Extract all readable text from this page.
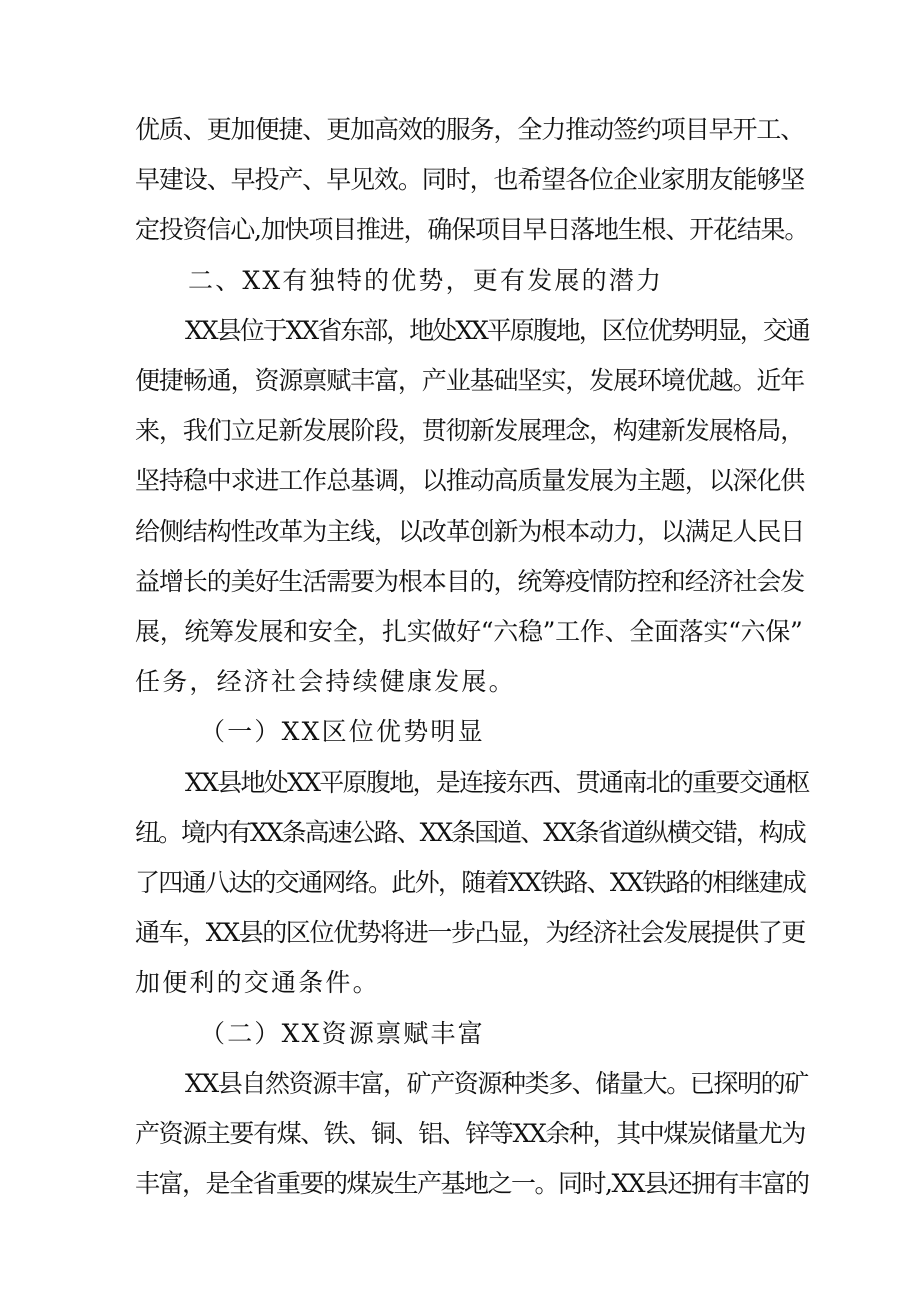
优质、更加便捷、更加高效的服务，全力推动签约项目早开工、
早建设、早投产、早见效。同时，也希望各位企业家朋友能够坚
定投资信心,加快项目推进，确保项目早日落地生根、开花结果。
二、XX有独特的优势，更有发展的潜力
XX县位于XX省东部，地处XX平原腹地，区位优势明显，交通
便捷畅通，资源禀赋丰富，产业基础坚实，发展环境优越。近年
来，我们立足新发展阶段，贯彻新发展理念，构建新发展格局，
坚持稳中求进工作总基调，以推动高质量发展为主题，以深化供
给侧结构性改革为主线，以改革创新为根本动力，以满足人民日
益增长的美好生活需要为根本目的，统筹疫情防控和经济社会发
展，统筹发展和安全，扎实做好“六稳”工作、全面落实“六保”
任务，经济社会持续健康发展。
（一）XX区位优势明显
XX县地处XX平原腹地，是连接东西、贯通南北的重要交通枢
纽。境内有XX条高速公路、XX条国道、XX条省道纵横交错，构成
了四通八达的交通网络。此外，随着XX铁路、XX铁路的相继建成
通车，XX县的区位优势将进一步凸显，为经济社会发展提供了更
加便利的交通条件。
（二）XX资源禀赋丰富
XX县自然资源丰富，矿产资源种类多、储量大。已探明的矿
产资源主要有煤、铁、铜、铝、锌等XX余种，其中煤炭储量尤为
丰富，是全省重要的煤炭生产基地之一。同时,XX县还拥有丰富的
